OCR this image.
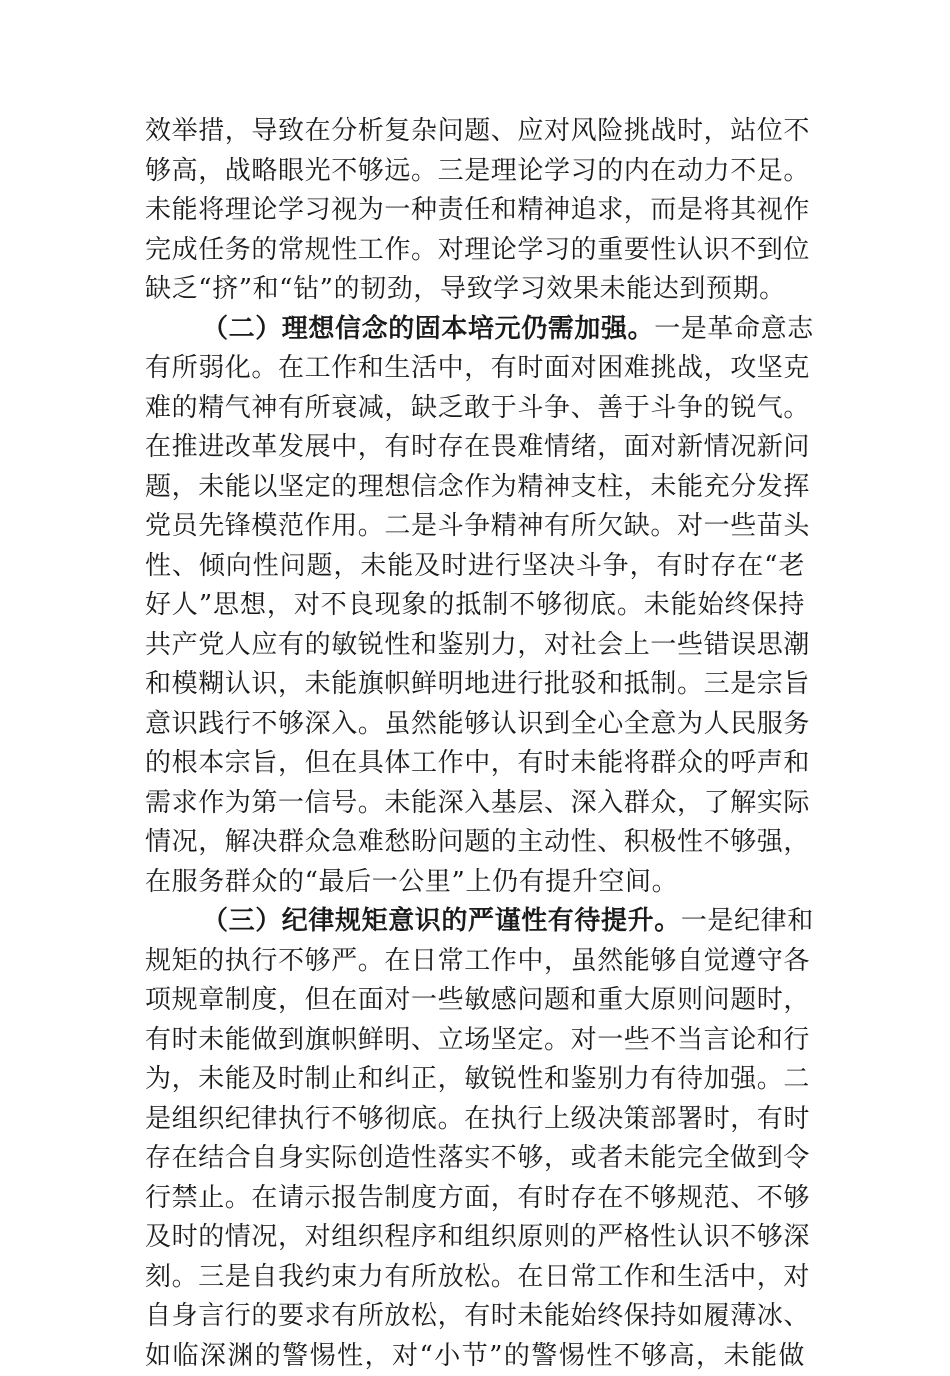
效举措，导致在分析复杂问题、应对风险挑战时，站位不
够高，战略眼光不够远。三是理论学习的内在动力不足。
未能将理论学习视为一种责任和精神追求，而是将其视作
完成任务的常规性工作。对理论学习的重要性认识不到位
缺乏“挤”和“钻”的韧劲，导致学习效果未能达到预期。
（二）理想信念的固本培元仍需加强。一是革命意志
有所弱化。在工作和生活中，有时面对困难挑战，攻坚克
难的精气神有所衰减，缺乏敢于斗争、善于斗争的锐气。
在推进改革发展中，有时存在畏难情绪，面对新情况新问
题，未能以坚定的理想信念作为精神支柱，未能充分发挥
党员先锋模范作用。二是斗争精神有所欠缺。对一些苗头
性、倾向性问题，未能及时进行坚决斗争，有时存在“老
好人”思想，对不良现象的抵制不够彻底。未能始终保持
共产党人应有的敏锐性和鉴别力，对社会上一些错误思潮
和模糊认识，未能旗帜鲜明地进行批驳和抵制。三是宗旨
意识践行不够深入。虽然能够认识到全心全意为人民服务
的根本宗旨，但在具体工作中，有时未能将群众的呼声和
需求作为第一信号。未能深入基层、深入群众，了解实际
情况，解决群众急难愁盼问题的主动性、积极性不够强，
在服务群众的“最后一公里”上仍有提升空间。
（三）纪律规矩意识的严谨性有待提升。一是纪律和
规矩的执行不够严。在日常工作中，虽然能够自觉遵守各
项规章制度，但在面对一些敏感问题和重大原则问题时，
有时未能做到旗帜鲜明、立场坚定。对一些不当言论和行
为，未能及时制止和纠正，敏锐性和鉴别力有待加强。二
是组织纪律执行不够彻底。在执行上级决策部署时，有时
存在结合自身实际创造性落实不够，或者未能完全做到令
行禁止。在请示报告制度方面，有时存在不够规范、不够
及时的情况，对组织程序和组织原则的严格性认识不够深
刻。三是自我约束力有所放松。在日常工作和生活中，对
自身言行的要求有所放松，有时未能始终保持如履薄冰、
如临深渊的警惕性，对“小节”的警惕性不够高，未能做
